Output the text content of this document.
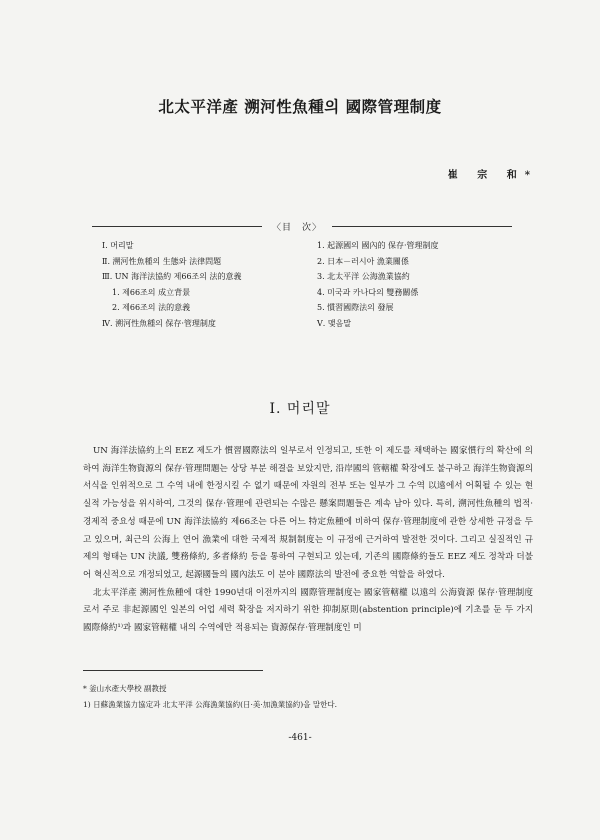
北太平洋產 溯河性魚種의 國際管理制度
崔 宗 和*
〈目　次〉
Ⅰ. 머리말
Ⅱ. 溯河性魚種의 生態와 法律問題
Ⅲ. UN 海洋法協約 제66조의 法的意義
1. 제66조의 成立背景
2. 제66조의 法的意義
Ⅳ. 溯河性魚種의 保存·管理制度
1. 起源國의 國內的 保存·管理制度
2. 日本－러시아 漁業關係
3. 北太平洋 公海漁業協約
4. 미국과 카나다의 雙務關係
5. 慣習國際法의 發展
Ⅴ. 맺음말
Ⅰ. 머리말

UN 海洋法協約上의 EEZ 제도가 慣習國際法의 일부로서 인정되고, 또한 이 제도를 채택하는 國家慣行의 확산에 의하여 海洋生物資源의 保存·管理問題는 상당 부분 해결을 보았지만, 沿岸國의 管轄權 확장에도 불구하고 海洋生物資源의 서식을 인위적으로 그 수역 내에 한정시킬 수 없기 때문에 자원의 전부 또는 일부가 그 수역 以遠에서 어획될 수 있는 현실적 가능성을 위시하여, 그것의 保存·管理에 관련되는 수많은 懸案問題들은 계속 남아 있다. 특히, 溯河性魚種의 법적·경제적 중요성 때문에 UN 海洋法協約 제66조는 다른 어느 特定魚種에 비하여 保存·管理制度에 관한 상세한 규정을 두고 있으며, 최근의 公海上 연어 漁業에 대한 국제적 規制制度는 이 규정에 근거하여 발전한 것이다. 그리고 실질적인 규제의 형태는 UN 決議, 雙務條約, 多者條約 등을 통하여 구현되고 있는데, 기존의 國際條約들도 EEZ 제도 정착과 더불어 혁신적으로 개정되었고, 起源國들의 國內法도 이 분야 國際法의 발전에 중요한 역할을 하였다.

北太平洋產 溯河性魚種에 대한 1990년대 이전까지의 國際管理制度는 國家管轄權 以遠의 公海資源 保存·管理制度로서 주로 非起源國인 일본의 어업 세력 확장을 저지하기 위한 抑制原則(abstention principle)에 기초를 둔 두 가지 國際條約¹⁾과 國家管轄權 내의 수역에만 적용되는 資源保存·管理制度인 미

* 釜山水產大學校 副教授
1) 日蘇漁業協力協定과 北太平洋 公海漁業協約(日·美·加漁業協約)을 말한다.
-461-
